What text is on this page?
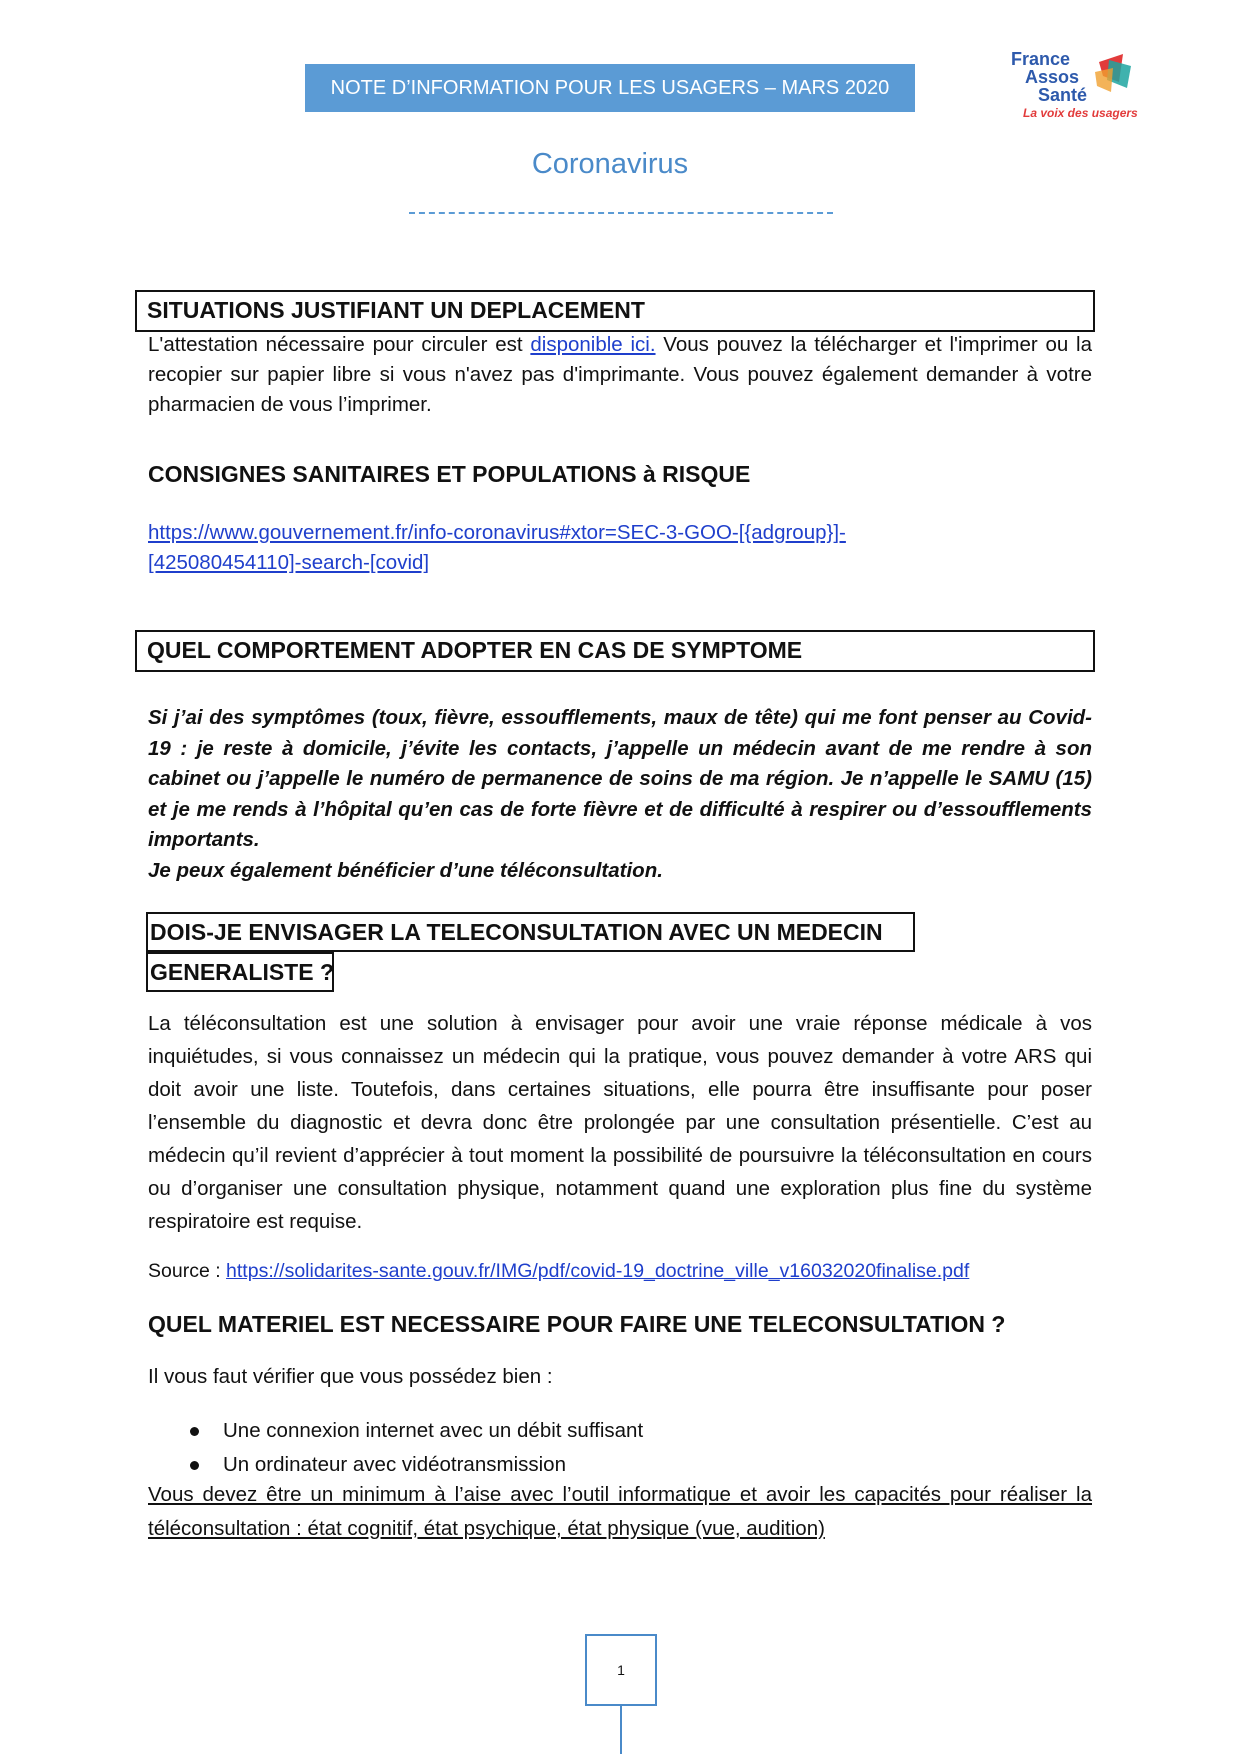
NOTE D’INFORMATION POUR LES USAGERS – MARS 2020
France
Assos
Santé
La voix des usagers
Coronavirus
SITUATIONS JUSTIFIANT UN DEPLACEMENT
L'attestation nécessaire pour circuler est disponible ici. Vous pouvez la télécharger et l'imprimer ou la recopier sur papier libre si vous n'avez pas d'imprimante. Vous pouvez également demander à votre pharmacien de vous l’imprimer.
CONSIGNES SANITAIRES ET POPULATIONS à RISQUE
https://www.gouvernement.fr/info-coronavirus#xtor=SEC-3-GOO-[{adgroup}]-
[425080454110]-search-[covid]
QUEL COMPORTEMENT ADOPTER EN CAS DE SYMPTOME
Si j’ai des symptômes (toux, fièvre, essoufflements, maux de tête) qui me font penser au Covid-19 : je reste à domicile, j’évite les contacts, j’appelle un médecin avant de me rendre à son cabinet ou j’appelle le numéro de permanence de soins de ma région. Je n’appelle le SAMU (15) et je me rends à l’hôpital qu’en cas de forte fièvre et de difficulté à respirer ou d’essoufflements importants.
Je peux également bénéficier d’une téléconsultation.
DOIS-JE ENVISAGER LA TELECONSULTATION AVEC UN MEDECIN
GENERALISTE ?
La téléconsultation est une solution à envisager pour avoir une vraie réponse médicale à vos inquiétudes, si vous connaissez un médecin qui la pratique, vous pouvez demander à votre ARS qui doit avoir une liste. Toutefois, dans certaines situations, elle pourra être insuffisante pour poser l’ensemble du diagnostic et devra donc être prolongée par une consultation présentielle. C’est au médecin qu’il revient d’apprécier à tout moment la possibilité de poursuivre la téléconsultation en cours ou d’organiser une consultation physique, notamment quand une exploration plus fine du système respiratoire est requise.
Source : https://solidarites-sante.gouv.fr/IMG/pdf/covid-19_doctrine_ville_v16032020finalise.pdf
QUEL MATERIEL EST NECESSAIRE POUR FAIRE UNE TELECONSULTATION ?
Il vous faut vérifier que vous possédez bien :
Une connexion internet avec un débit suffisant
Un ordinateur avec vidéotransmission
Vous devez être un minimum à l’aise avec l’outil informatique et avoir les capacités pour réaliser la téléconsultation : état cognitif, état psychique, état physique (vue, audition)
1
